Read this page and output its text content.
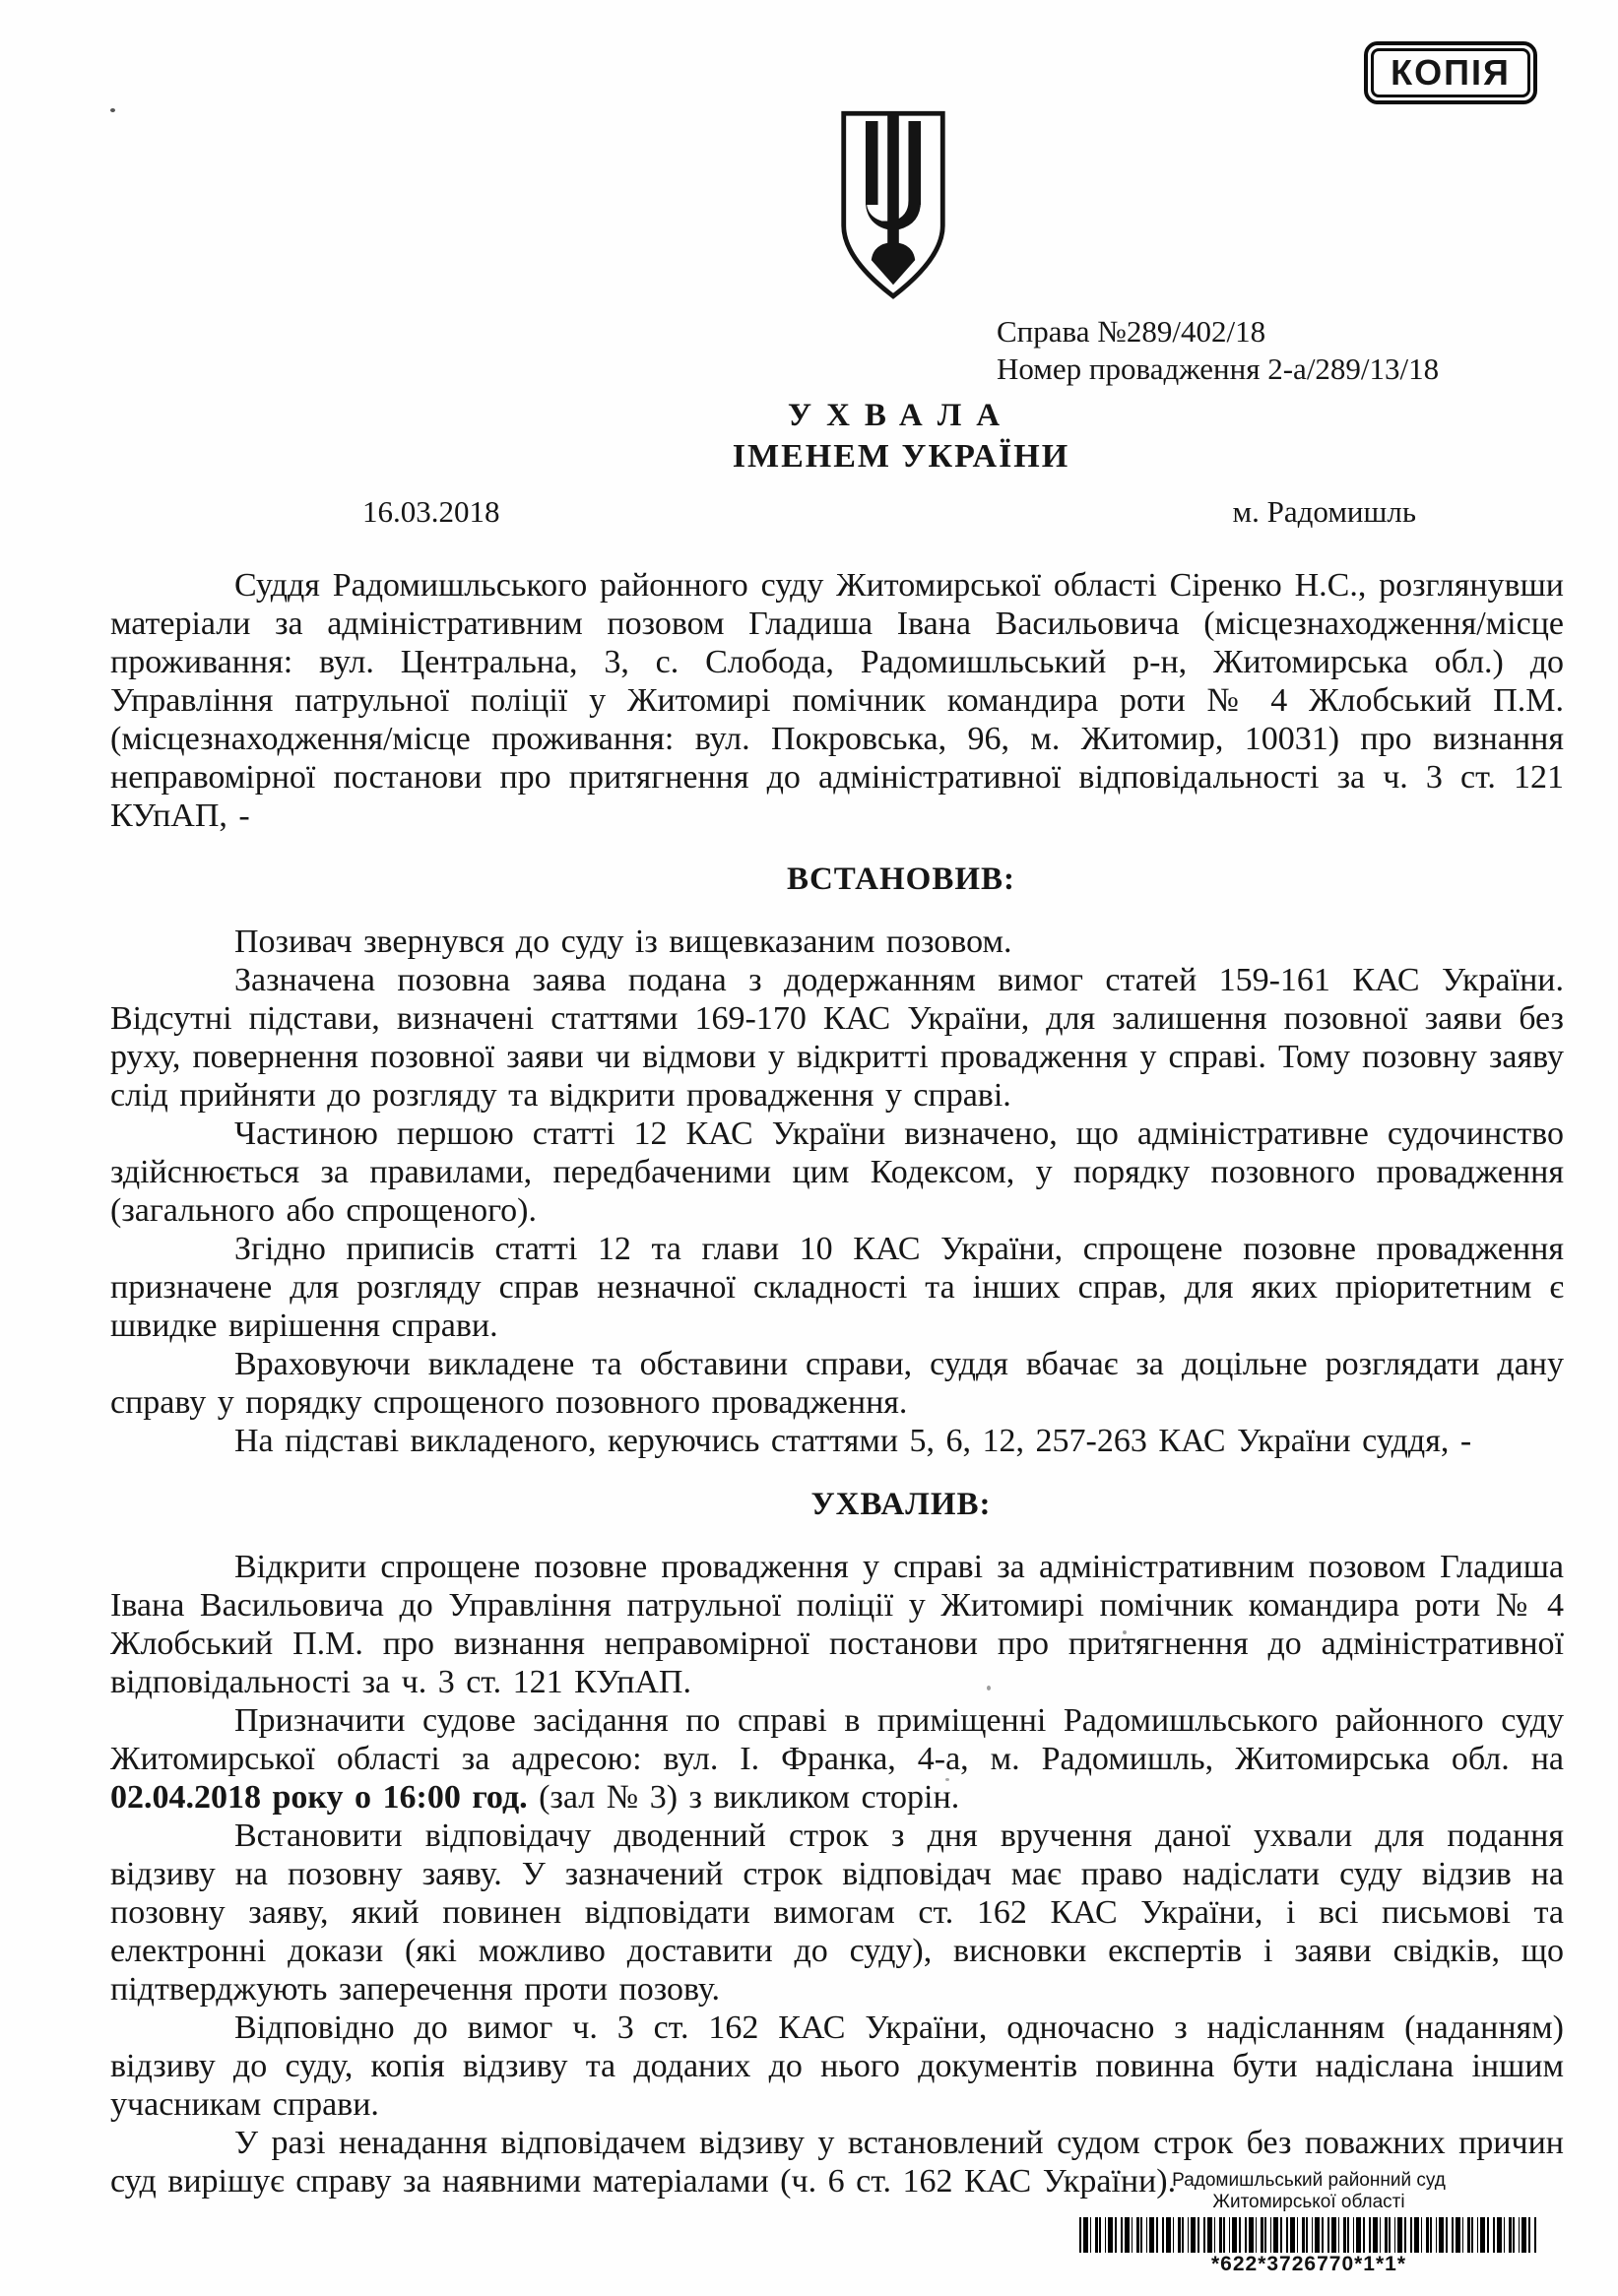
КОПІЯ
Справа №289/402/18
Номер провадження 2-а/289/13/18
УХВАЛА
ІМЕНЕМ УКРАЇНИ
16.03.2018	м. Радомишль

Суддя Радомишльського районного суду Житомирської області Сіренко Н.С., розглянувши матеріали за адміністративним позовом Гладиша Івана Васильовича (місцезнаходження/місце проживання: вул. Центральна, 3, с. Слобода, Радомишльський р-н, Житомирська обл.) до Управління патрульної поліції у Житомирі помічник командира роти № 4 Жлобський П.М. (місцезнаходження/місце проживання: вул. Покровська, 96, м. Житомир, 10031) про визнання неправомірної постанови про притягнення до адміністративної відповідальності за ч. 3 ст. 121 КУпАП, -

ВСТАНОВИВ:

Позивач звернувся до суду із вищевказаним позовом.

Зазначена позовна заява подана з додержанням вимог статей 159-161 КАС України. Відсутні підстави, визначені статтями 169-170 КАС України, для залишення позовної заяви без руху, повернення позовної заяви чи відмови у відкритті провадження у справі. Тому позовну заяву слід прийняти до розгляду та відкрити провадження у справі.

Частиною першою статті 12 КАС України визначено, що адміністративне судочинство здійснюється за правилами, передбаченими цим Кодексом, у порядку позовного провадження (загального або спрощеного).

Згідно приписів статті 12 та глави 10 КАС України, спрощене позовне провадження призначене для розгляду справ незначної складності та інших справ, для яких пріоритетним є швидке вирішення справи.

Враховуючи викладене та обставини справи, суддя вбачає за доцільне розглядати дану справу у порядку спрощеного позовного провадження.

На підставі викладеного, керуючись статтями 5, 6, 12, 257-263 КАС України суддя, -

УХВАЛИВ:

Відкрити спрощене позовне провадження у справі за адміністративним позовом Гладиша Івана Васильовича до Управління патрульної поліції у Житомирі помічник командира роти № 4 Жлобський П.М. про визнання неправомірної постанови про притягнення до адміністративної відповідальності за ч. 3 ст. 121 КУпАП.

Призначити судове засідання по справі в приміщенні Радомишльського районного суду Житомирської області за адресою: вул. І. Франка, 4-а, м. Радомишль, Житомирська обл. на 02.04.2018 року о 16:00 год. (зал № 3) з викликом сторін.

Встановити відповідачу дводенний строк з дня вручення даної ухвали для подання відзиву на позовну заяву. У зазначений строк відповідач має право надіслати суду відзив на позовну заяву, який повинен відповідати вимогам ст. 162 КАС України, і всі письмові та електронні докази (які можливо доставити до суду), висновки експертів і заяви свідків, що підтверджують заперечення проти позову.

Відповідно до вимог ч. 3 ст. 162 КАС України, одночасно з надісланням (наданням) відзиву до суду, копія відзиву та доданих до нього документів повинна бути надіслана іншим учасникам справи.

У разі ненадання відповідачем відзиву у встановлений судом строк без поважних причин суд вирішує справу за наявними матеріалами (ч. 6 ст. 162 КАС України).

Радомишльський районний суд
Житомирської області
*622*3726770*1*1*
